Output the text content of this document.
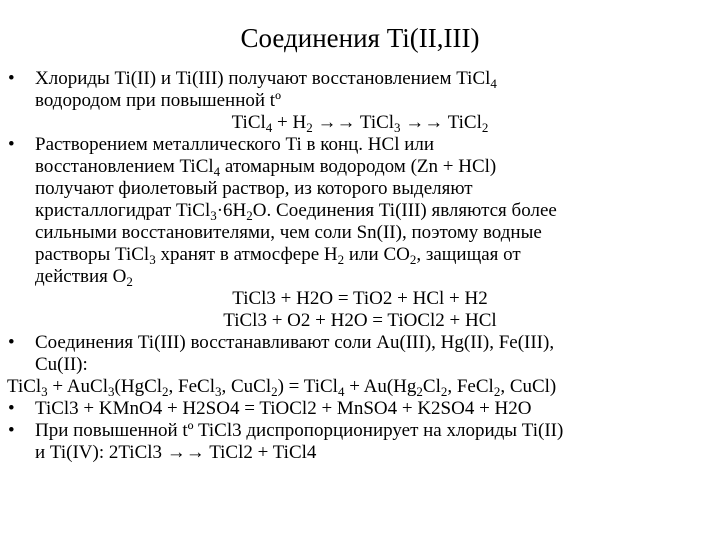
Соединения Ti(II,III)
• Хлориды Ti(II) и Ti(III) получают восстановлением TiCl$_4$
водородом при повышенной tº
TiCl$_4$ + $H_2$ →→ TiCl$_3$ →→ TiCl$_2$
• Растворением металлического Ti в конц. HCl или
восстановлением TiCl$_4$ атомарным водородом (Zn + HCl)
получают фиолетовый раствор, из которого выделяют
кристаллогидрат $TiCl_3\cdot 6H_2O$. Соединения Ti(III) являются более
сильными восстановителями, чем соли Sn(II), поэтому водные
растворы TiCl$_3$ хранят в атмосфере $H_2$ или $CO_2$, защищая от
действия $O_2$
TiCl3 + H2O = TiO2 + HCl + H2
TiCl3 + O2 + H2O = TiOCl2 + HCl
• Соединения Ti(III) восстанавливают соли Au(III), Hg(II), Fe(III),
Cu(II):
TiCl$_3$ + AuCl$_3$(HgCl$_2$, FeCl$_3$, CuCl$_2$) = TiCl$_4$ + $Au(Hg_2Cl_2$, FeCl$_2$, CuCl)
• TiCl3 + KMnO4 + H2SO4 = TiOCl2 + MnSO4 + K2SO4 + H2O
• При повышенной tº TiCl3 диспропорционирует на хлориды Ti(II)
и Ti(IV): 2TiCl3 →→ TiCl2 + TiCl4
